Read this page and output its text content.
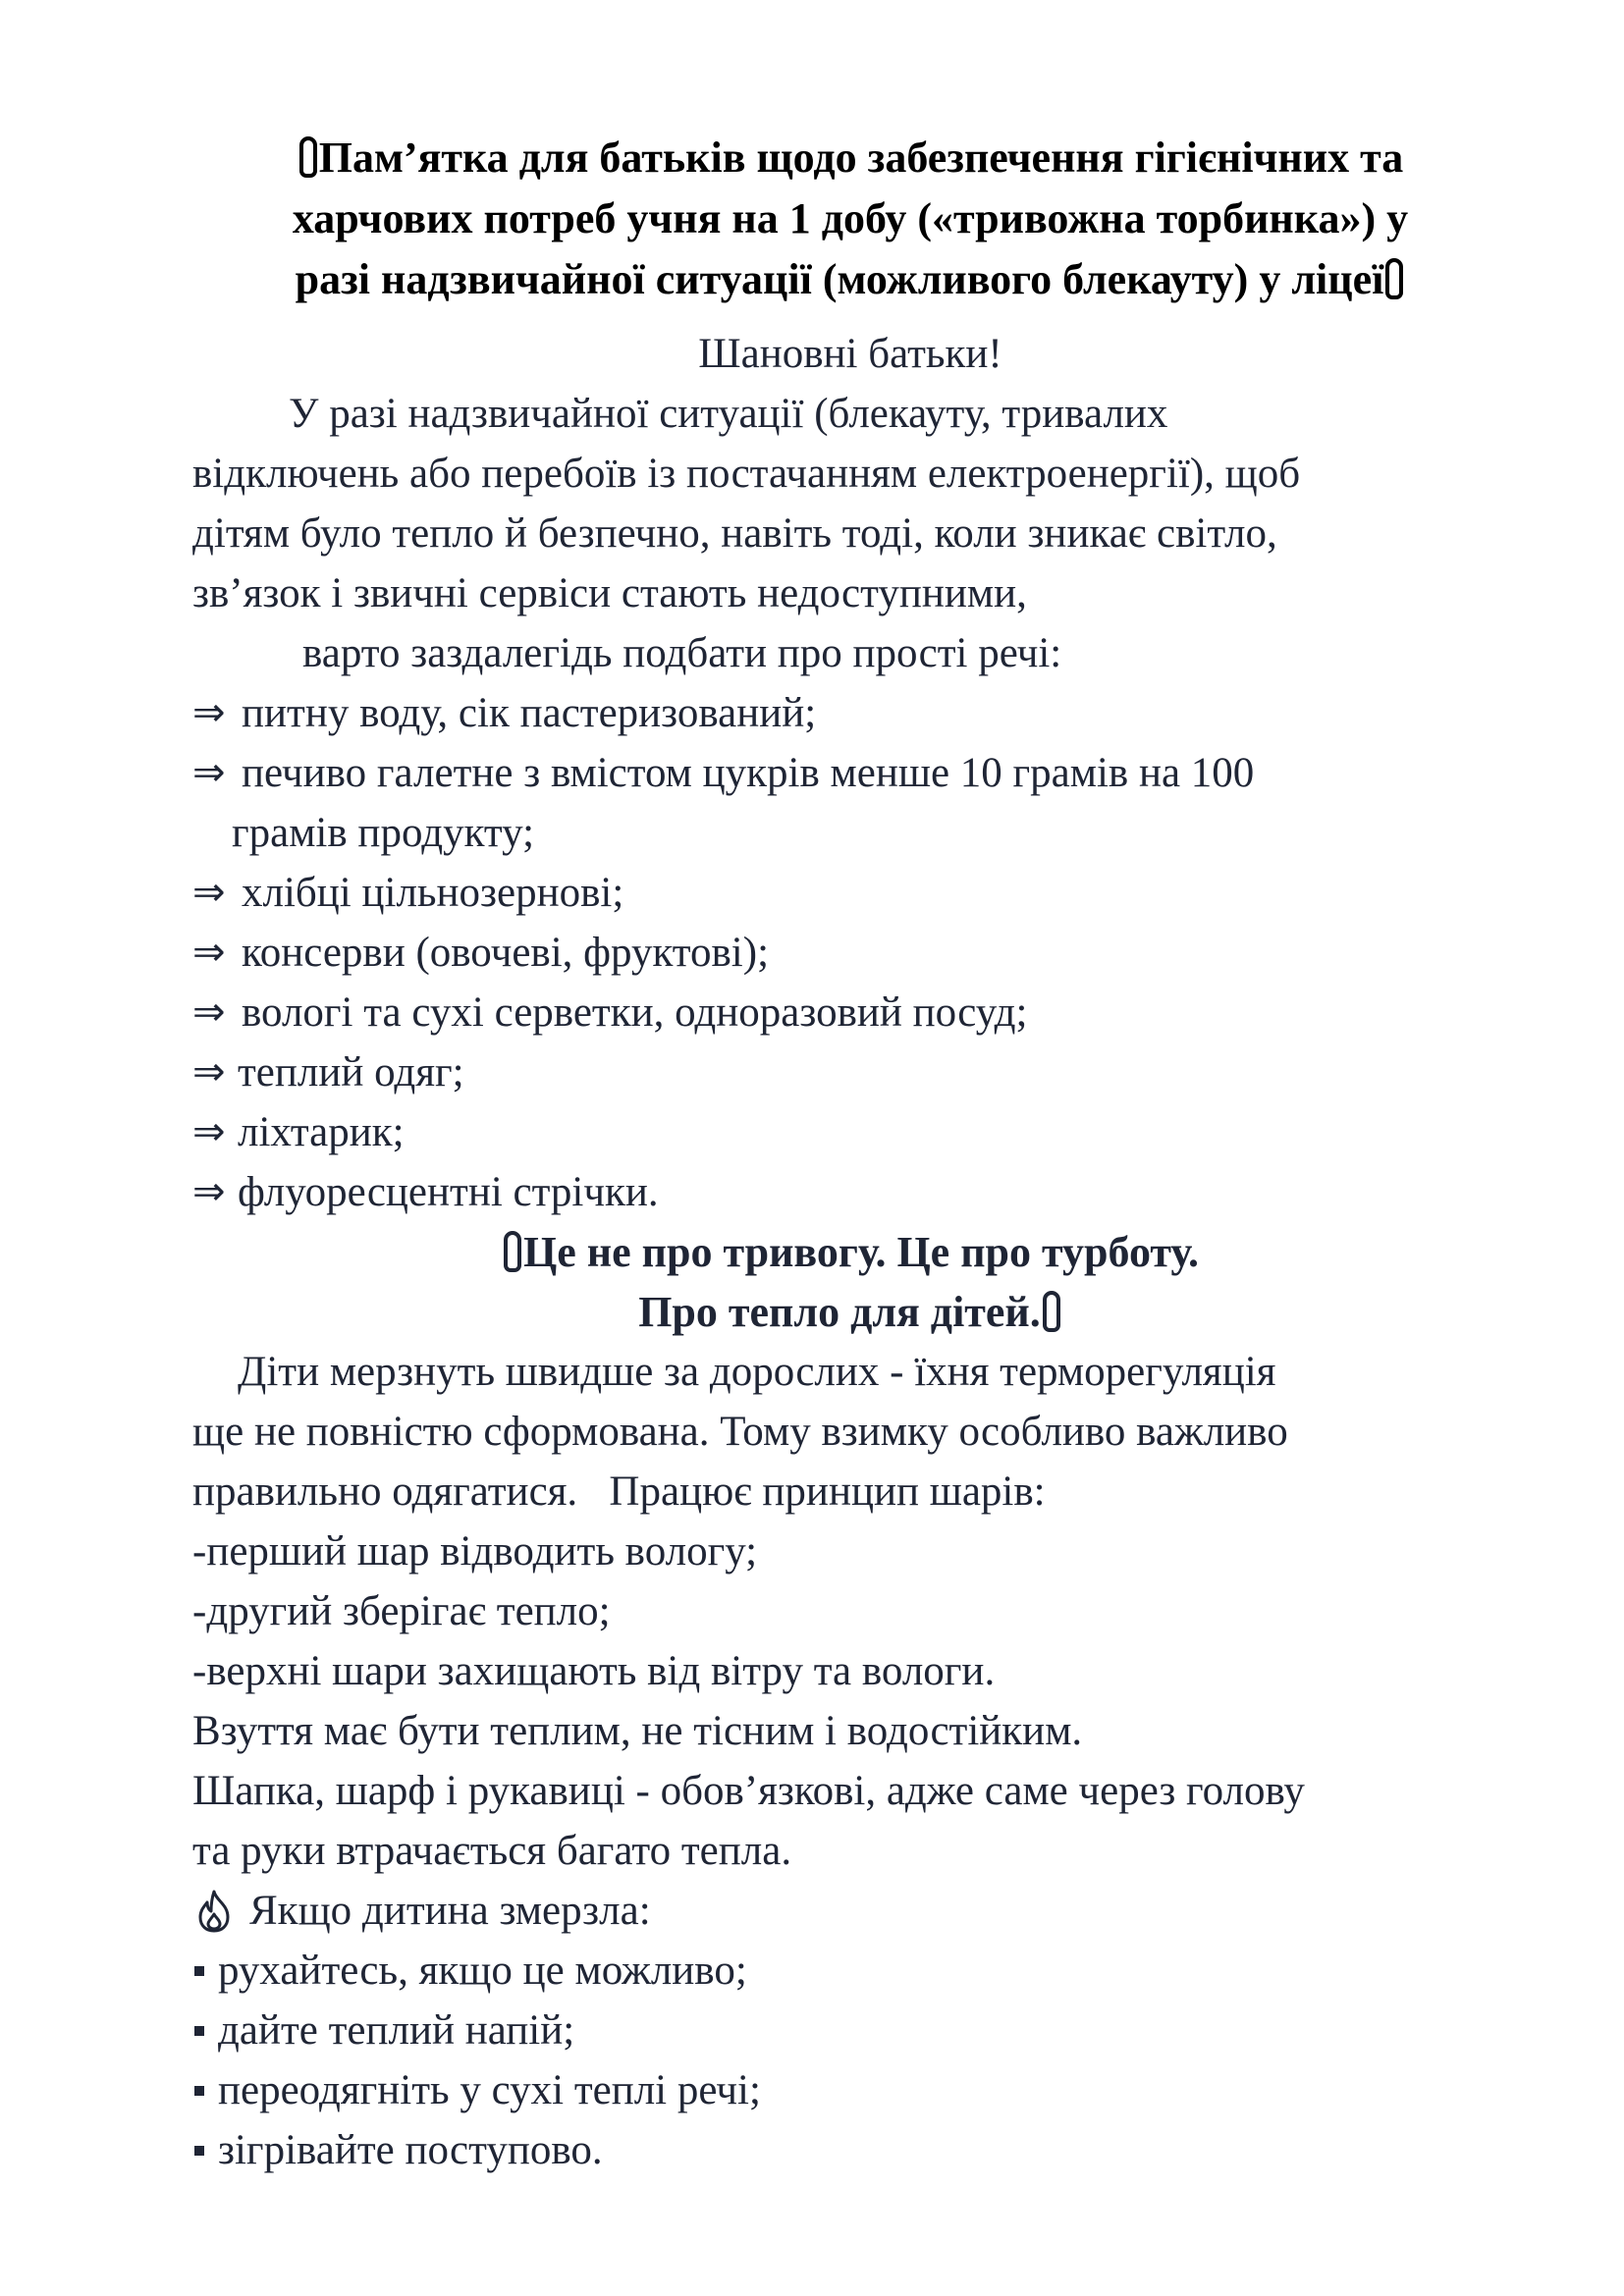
Пам’ятка для батьків щодо забезпечення гігієнічних та
харчових потреб учня на 1 добу («тривожна торбинка») у
разі надзвичайної ситуації (можливого блекауту) у ліцеї

Шановні батьки!

У разі надзвичайної ситуації (блекауту, тривалих

відключень або перебоїв із постачанням електроенергії), щоб

дітям було тепло й безпечно, навіть тоді, коли зникає світло,

зв’язок і звичні сервіси стають недоступними,

варто заздалегідь подбати про прості речі:

⇒ питну воду, сік пастеризований;
⇒ печиво галетне з вмістом цукрів менше 10 грамів на 100
грамів продукту;
⇒ хлібці цільнозернові;
⇒ консерви (овочеві, фруктові);
⇒ вологі та сухі серветки, одноразовий посуд;
⇒ теплий одяг;
⇒ ліхтарик;
⇒ флуоресцентні стрічки.

Це не про тривогу. Це про турботу.

Про тепло для дітей.

Діти мерзнуть швидше за дорослих - їхня терморегуляція

ще не повністю сформована. Тому взимку особливо важливо

правильно одягатися.   Працює принцип шарів:

-перший шар відводить вологу;

-другий зберігає тепло;

-верхні шари захищають від вітру та вологи.

Взуття має бути теплим, не тісним і водостійким.

Шапка, шарф і рукавиці - обов’язкові, адже саме через голову

та руки втрачається багато тепла.

Якщо дитина змерзла:
рухайтесь, якщо це можливо;
дайте теплий напій;
переодягніть у сухі теплі речі;
зігрівайте поступово.
